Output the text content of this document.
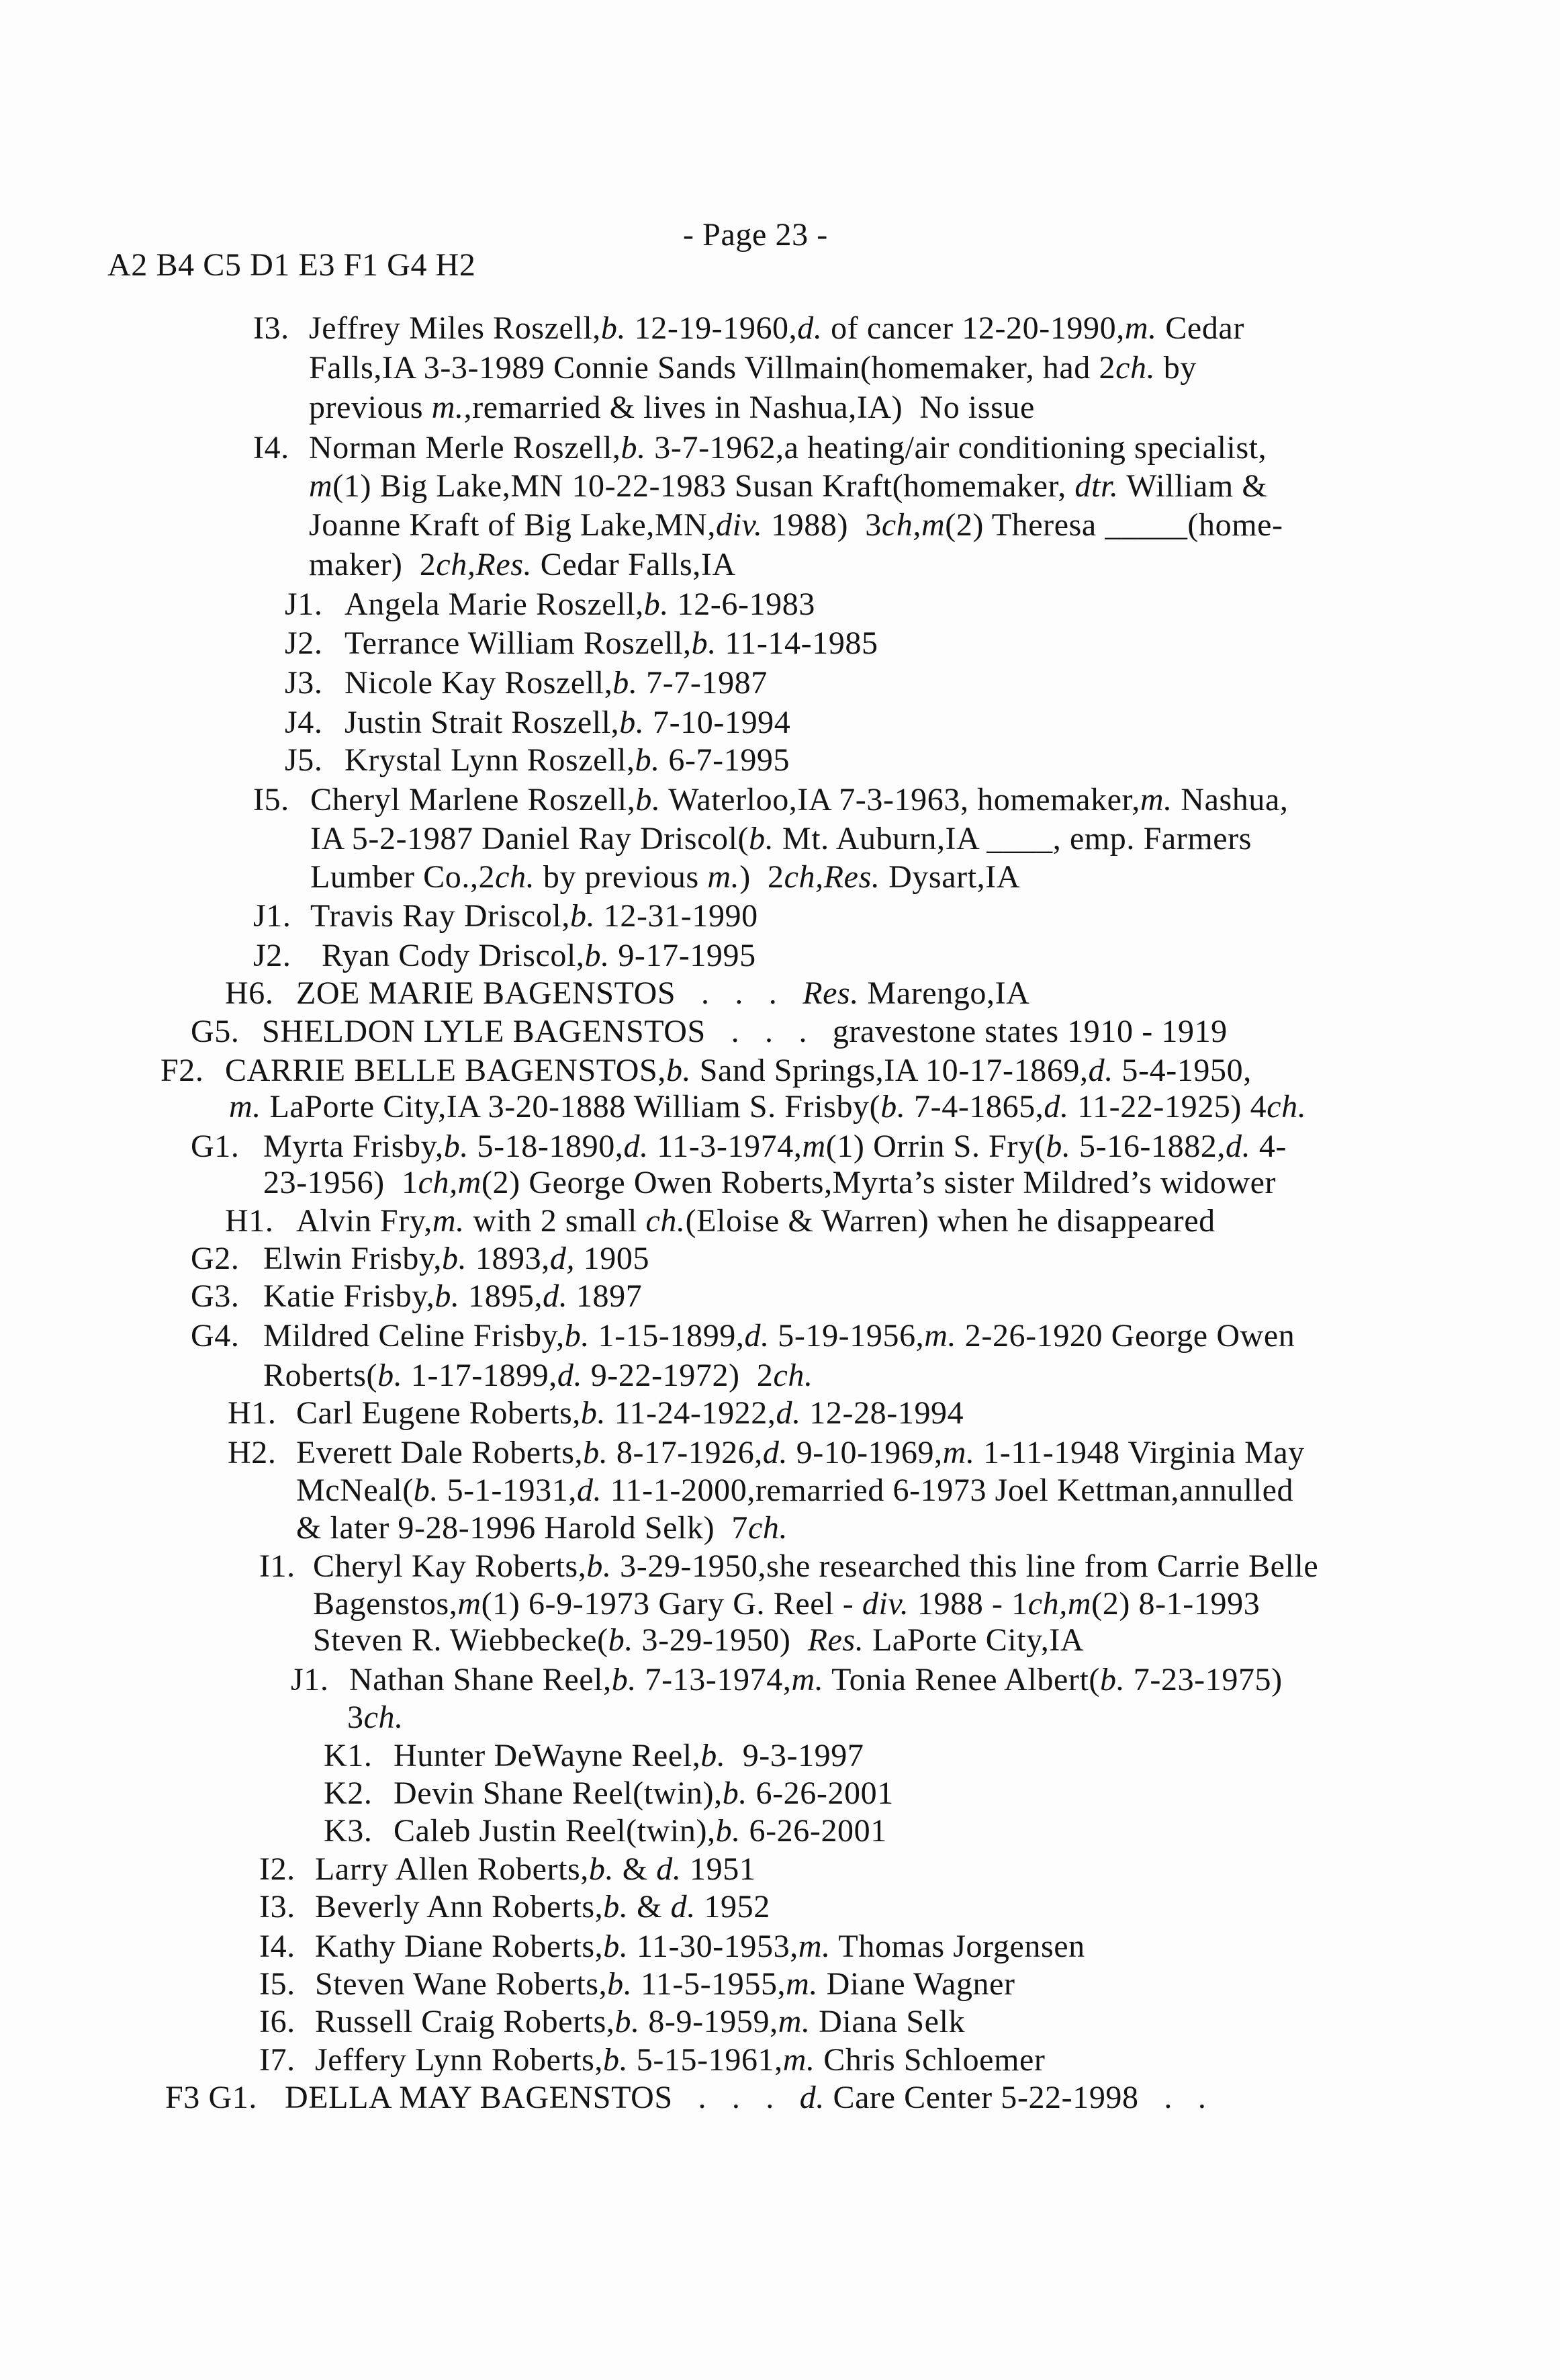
- Page 23 -
A2 B4 C5 D1 E3 F1 G4 H2
I3. Jeffrey Miles Roszell,b. 12-19-1960,d. of cancer 12-20-1990,m. Cedar
Falls,IA 3-3-1989 Connie Sands Villmain(homemaker, had 2ch. by
previous m.,remarried & lives in Nashua,IA)  No issue
I4. Norman Merle Roszell,b. 3-7-1962,a heating/air conditioning specialist,
m(1) Big Lake,MN 10-22-1983 Susan Kraft(homemaker, dtr. William &
Joanne Kraft of Big Lake,MN,div. 1988)  3ch,m(2) Theresa _____(home-
maker)  2ch,Res. Cedar Falls,IA
J1. Angela Marie Roszell,b. 12-6-1983
J2. Terrance William Roszell,b. 11-14-1985
J3. Nicole Kay Roszell,b. 7-7-1987
J4. Justin Strait Roszell,b. 7-10-1994
J5. Krystal Lynn Roszell,b. 6-7-1995
I5. Cheryl Marlene Roszell,b. Waterloo,IA 7-3-1963, homemaker,m. Nashua,
IA 5-2-1987 Daniel Ray Driscol(b. Mt. Auburn,IA ____, emp. Farmers
Lumber Co.,2ch. by previous m.)  2ch,Res. Dysart,IA
J1. Travis Ray Driscol,b. 12-31-1990
J2. Ryan Cody Driscol,b. 9-17-1995
H6. ZOE MARIE BAGENSTOS   .   .   .   Res. Marengo,IA
G5. SHELDON LYLE BAGENSTOS   .   .   .   gravestone states 1910 - 1919
F2. CARRIE BELLE BAGENSTOS,b. Sand Springs,IA 10-17-1869,d. 5-4-1950,
m. LaPorte City,IA 3-20-1888 William S. Frisby(b. 7-4-1865,d. 11-22-1925) 4ch.
G1. Myrta Frisby,b. 5-18-1890,d. 11-3-1974,m(1) Orrin S. Fry(b. 5-16-1882,d. 4-
23-1956)  1ch,m(2) George Owen Roberts,Myrta’s sister Mildred’s widower
H1. Alvin Fry,m. with 2 small ch.(Eloise & Warren) when he disappeared
G2. Elwin Frisby,b. 1893,d, 1905
G3. Katie Frisby,b. 1895,d. 1897
G4. Mildred Celine Frisby,b. 1-15-1899,d. 5-19-1956,m. 2-26-1920 George Owen
Roberts(b. 1-17-1899,d. 9-22-1972)  2ch.
H1. Carl Eugene Roberts,b. 11-24-1922,d. 12-28-1994
H2. Everett Dale Roberts,b. 8-17-1926,d. 9-10-1969,m. 1-11-1948 Virginia May
McNeal(b. 5-1-1931,d. 11-1-2000,remarried 6-1973 Joel Kettman,annulled
& later 9-28-1996 Harold Selk)  7ch.
I1. Cheryl Kay Roberts,b. 3-29-1950,she researched this line from Carrie Belle
Bagenstos,m(1) 6-9-1973 Gary G. Reel - div. 1988 - 1ch,m(2) 8-1-1993
Steven R. Wiebbecke(b. 3-29-1950)  Res. LaPorte City,IA
J1. Nathan Shane Reel,b. 7-13-1974,m. Tonia Renee Albert(b. 7-23-1975)
3ch.
K1. Hunter DeWayne Reel,b.  9-3-1997
K2. Devin Shane Reel(twin),b. 6-26-2001
K3. Caleb Justin Reel(twin),b. 6-26-2001
I2. Larry Allen Roberts,b. & d. 1951
I3. Beverly Ann Roberts,b. & d. 1952
I4. Kathy Diane Roberts,b. 11-30-1953,m. Thomas Jorgensen
I5. Steven Wane Roberts,b. 11-5-1955,m. Diane Wagner
I6. Russell Craig Roberts,b. 8-9-1959,m. Diana Selk
I7. Jeffery Lynn Roberts,b. 5-15-1961,m. Chris Schloemer
F3 G1. DELLA MAY BAGENSTOS   .   .   .   d. Care Center 5-22-1998   .   .
